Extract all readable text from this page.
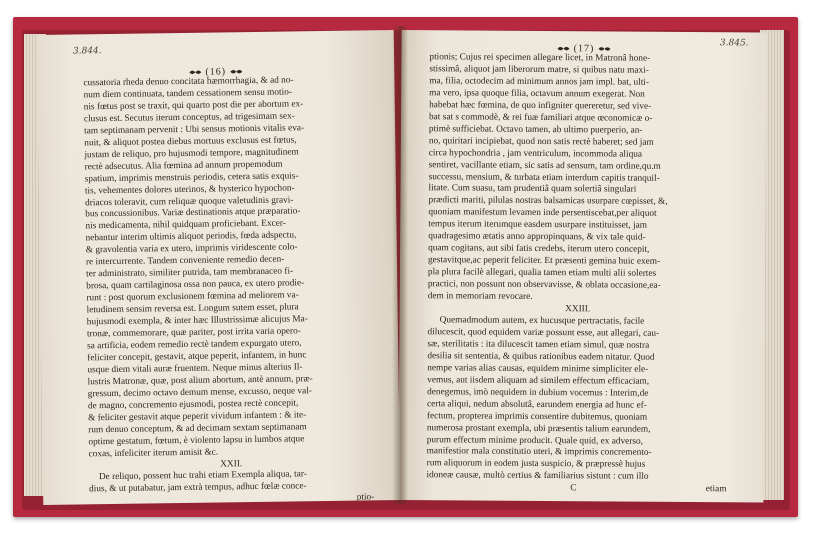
3.844.
(16)
cussatoria rheda denuo concitata hæmorrhagia, & ad no-
num diem continuata, tandem cessationem sensu motio-
nis fœtus post se traxit, qui quarto post die per abortum ex-
clusus est. Secutus iterum conceptus, ad trigesimam sex-
tam septimanam pervenit : Ubi sensus motionis vitalis eva-
nuit, & aliquot postea diebus mortuus exclusus est fœtus,
justam de reliquo, pro hujusmodi tempore, magnitudinem
rectè adsecutus. Alia fœmina ad annum propemodum
spatium, imprimis menstruis periodis, cetera satis exquis-
tis, vehementes dolores uterinos, & hysterico hypochon-
driacos toleravit, cum reliquæ quoque valetudinis gravi-
bus concussionibus. Variæ destinationis atque præparatio-
nis medicamenta, nihil quidquam proficiebant. Excer-
nebantur interim ultimis aliquot periodis, fœda adspectu,
& gravolentia varia ex utero, imprimis viridescente colo-
re intercurrente. Tandem conveniente remedio decen-
ter administrato, similiter putrida, tam membranaceo fi-
brosa, quam cartilaginosa ossa non pauca, ex utero prodie-
runt : post quorum exclusionem fœmina ad meliorem va-
letudinem sensim reversa est. Longum sutem esset, plura
hujusmodi exempla, & inter hæc Illustrissimæ alicujus Ma-
tronæ, commemorare, quæ pariter, post irrita varia opero-
sa artificia, eodem remedio rectè tandem expurgato utero,
feliciter concepit, gestavit, atque peperit, infantem, in hunc
usque diem vitali auræ fruentem. Neque minus alterius Il-
lustris Matronæ, quæ, post alium abortum, antè annum, præ-
gressum, decimo octavo demum mense, excusso, neque val-
de magno, concremento ejusmodi, postea rectè concepit,
& feliciter gestavit atque peperit vividum infantem : & ite-
rum denuo conceptum, & ad decimam sextam septimanam
optime gestatum, fœtum, è violento lapsu in lumbos atque
coxas, infeliciter iterum amisit &c.
XXII.
De reliquo, possent huc trahi etiam Exempla aliqua, tar-
dius, & ut putabatur, jam extrà tempus, adhuc fœlæ conce-
ptio-
3.845.
(17)
ptionis; Cujus rei specimen allegare licet, in Matronâ hone-
stissimâ, aliquot jam liberorum matre, si quibus natu maxi-
ma, filia, octodecim ad minimum annos jam impl. bat, ulti-
ma vero, ipsa quoque filia, octavum annum exegerat. Non
habebat hæc fœmina, de quo infigniter quereretur, sed vive-
bat sat s commodè, & rei fuæ familiari atque œconomicæ o-
ptimè sufficiebat. Octavo tamen, ab ultimo puerperio, an-
no, quiritari incipiebat, quod non satis rectè haberet; sed jam
circa hypochondria , jam ventriculum, incommoda aliqua
sentiret, vacillante etiam, sic satis ad sensum, tam ordine,qu.m
successu, mensium, & turbata etiam interdum capitis tranquil-
litate. Cum suasu, tam prudentiâ quam solertiâ singulari
prædicti mariti, pilulas nostras balsamicas usurpare cœpisset, &,
quoniam manifestum levamen inde persentiscebat,per aliquot
tempus iterum iterumque easdem usurpare instituisset, jam
quadragesimo ætatis anno appropinquans, & vix tale quid-
quam cogitans, aut sibi fatis credebs, iterum utero concepit,
gestavitque,ac peperit feliciter. Et præsenti gemina huic exem-
pla plura facilè allegari, qualia tamen etiam multi alii solertes
practici, non possunt non observavisse, & oblata occasione,ea-
dem in memoriam revocare.
XXIII.
Quemadmodum autem, ex hucusque pertractatis, facile
dilucescit, quod equidem variæ possunt esse, aut allegari, cau-
sæ, sterilitatis : ita dilucescit tamen etiam simul, quæ nostra
desilia sit sententia, & quibus rationibus eadem nitatur. Quod
nempe varias alias causas, equidem minime simpliciter ele-
vemus, aut iisdem aliquam ad similem effectum efficaciam,
denegemus, imò nequidem in dubium vocemus : Interim,de
certa aliqui, nedum absolutâ, earundem energia ad hunc ef-
fectum, propterea imprimis consentire dubitemus, quoniam
numerosa prostant exempla, ubi præsentis talium earundem,
purum effectum minime producit. Quale quid, ex adverso,
manifestior mala constitutio uteri, & imprimis concremento-
rum aliquorum in eodem justa suspicio, & præpressè hujus
idoneæ causæ, multò certius & familiarius sistunt : cum illo
C	etiam
